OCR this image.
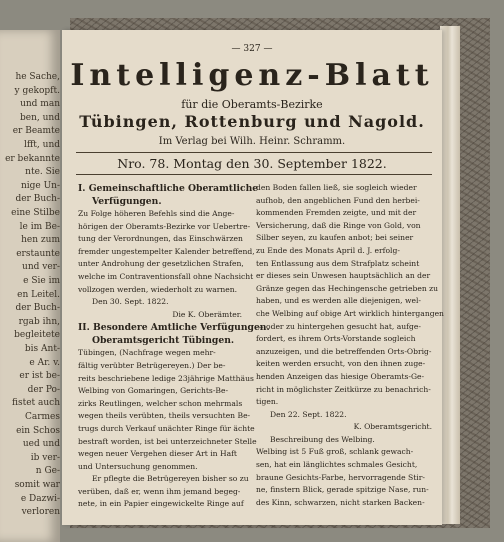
he Sache,
y gekopft.
und man
ben, und
er Beamte
lfft, und
er bekannte
nte. Sie
nige Un-
der Buch-
eine Stilbe
le im Be-
hen zum
erstaunte
und ver-
e Sie im
en Leitel.
der Buch-
rgab ihn,
begleitete
bis Ant-
e Ar. v.
er ist be-
der Po-
fistet auch
Carmes
ein Schos
ued und
ib ver-
n Ge-
somit war
e Dazwi-
verloren
— 327 —
Intelligenz-Blatt
für die Oberamts-Bezirke
Tübingen, Rottenburg und Nagold.
Im Verlag bei Wilh. Heinr. Schramm.
Nro. 78. Montag den 30. September 1822.
I. Gemeinschaftliche Oberamtliche
Verfügungen.
Zu Folge höheren Befehls sind die Ange-
hörigen der Oberamts-Bezirke vor Uebertre-
tung der Verordnungen, das Einschwärzen
fremder ungestempelter Kalender betreffend,
unter Androhung der gesetzlichen Strafen,
welche im Contraventionsfall ohne Nachsicht
vollzogen werden, wiederholt zu warnen.
Den 30. Sept. 1822.
Die K. Oberämter.
II. Besondere Amtliche Verfügungen.
Oberamtsgericht Tübingen.
Tübingen, (Nachfrage wegen mehr-
fältig verübter Betrügereyen.) Der be-
reits beschriebene ledige 23jährige Matthäus
Welbing von Gomaringen, Gerichts-Be-
zirks Reutlingen, welcher schon mehrmals
wegen theils verübten, theils versuchten Be-
trugs durch Verkauf unächter Ringe für ächte
bestraft worden, ist bei unterzeichneter Stelle
wegen neuer Vergehen dieser Art in Haft
und Untersuchung genommen.
Er pflegte die Betrügereyen bisher so zu
verüben, daß er, wenn ihm jemand begeg-
nete, in ein Papier eingewickelte Ringe auf
den Boden fallen ließ, sie sogleich wieder
aufhob, den angeblichen Fund den herbei-
kommenden Fremden zeigte, und mit der
Versicherung, daß die Ringe von Gold, von
Silber seyen, zu kaufen anbot; bei seiner
zu Ende des Monats April d. J. erfolg-
ten Entlassung aus dem Strafplatz scheint
er dieses sein Unwesen hauptsächlich an der
Gränze gegen das Hechingensche getrieben zu
haben, und es werden alle diejenigen, wel-
che Welbing auf obige Art wirklich hintergangen
— oder zu hintergehen gesucht hat, aufge-
fordert, es ihrem Orts-Vorstande sogleich
anzuzeigen, und die betreffenden Orts-Obrig-
keiten werden ersucht, von den ihnen zuge-
henden Anzeigen das hiesige Oberamts-Ge-
richt in möglichster Zeitkürze zu benachrich-
tigen.
Den 22. Sept. 1822.
K. Oberamtsgericht.
Beschreibung des Welbing.
Welbing ist 5 Fuß groß, schlank gewach-
sen, hat ein länglichtes schmales Gesicht,
braune Gesichts-Farbe, hervorragende Stir-
ne, finstern Blick, gerade spitzige Nase, run-
des Kinn, schwarzen, nicht starken Backen-
